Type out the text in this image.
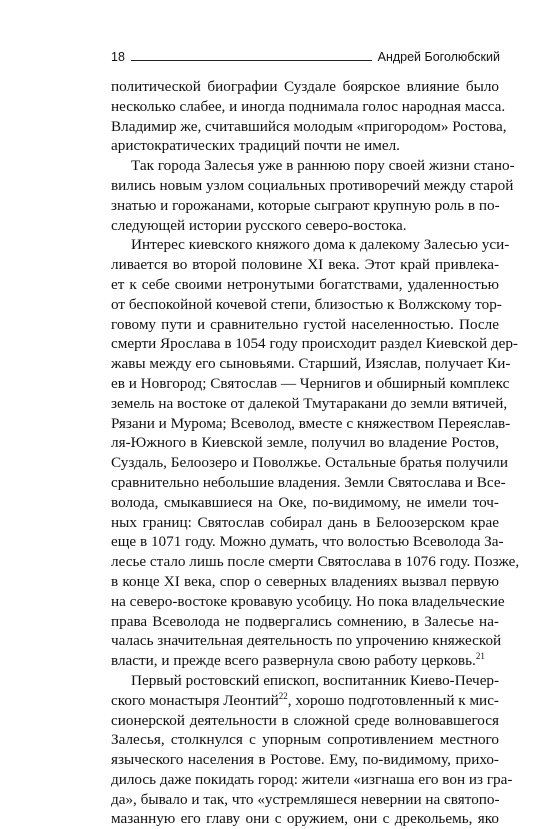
18	Андрей Боголюбский

политической биографии Суздале боярское влияние было
несколько слабее, и иногда поднимала голос народная масса.
Владимир же, считавшийся молодым «пригородом» Ростова,
аристократических традиций почти не имел.

Так города Залесья уже в раннюю пору своей жизни стано-
вились новым узлом социальных противоречий между старой
знатью и горожанами, которые сыграют крупную роль в по-
следующей истории русского северо-востока.

Интерес киевского княжого дома к далекому Залесью уси-
ливается во второй половине XI века. Этот край привлека-
ет к себе своими нетронутыми богатствами, удаленностью
от беспокойной кочевой степи, близостью к Волжскому тор-
говому пути и сравнительно густой населенностью. После
смерти Ярослава в 1054 году происходит раздел Киевской дер-
жавы между его сыновьями. Старший, Изяслав, получает Ки-
ев и Новгород; Святослав — Чернигов и обширный комплекс
земель на востоке от далекой Тмутаракани до земли вятичей,
Рязани и Мурома; Всеволод, вместе с княжеством Переяслав-
ля-Южного в Киевской земле, получил во владение Ростов,
Суздаль, Белоозеро и Поволжье. Остальные братья получили
сравнительно небольшие владения. Земли Святослава и Все-
волода, смыкавшиеся на Оке, по-видимому, не имели точ-
ных границ: Святослав собирал дань в Белоозерском крае
еще в 1071 году. Можно думать, что волостью Всеволода За-
лесье стало лишь после смерти Святослава в 1076 году. Позже,
в конце XI века, спор о северных владениях вызвал первую
на северо-востоке кровавую усобицу. Но пока владельческие
права Всеволода не подвергались сомнению, в Залесье на-
чалась значительная деятельность по упрочению княжеской
власти, и прежде всего развернула свою работу церковь.$^{21}$

Первый ростовский епископ, воспитанник Киево-Печер-
ского монастыря Леонтий$^{22}$, хорошо подготовленный к мис-
сионерской деятельности в сложной среде волновавшегося
Залесья, столкнулся с упорным сопротивлением местного
языческого населения в Ростове. Ему, по-видимому, прихо-
дилось даже покидать город: жители «изгнаша его вон из гра-
да», бывало и так, что «устремляшеся невернии на святопо-
мазанную его главу они с оружием, они с дрекольемь, яко
